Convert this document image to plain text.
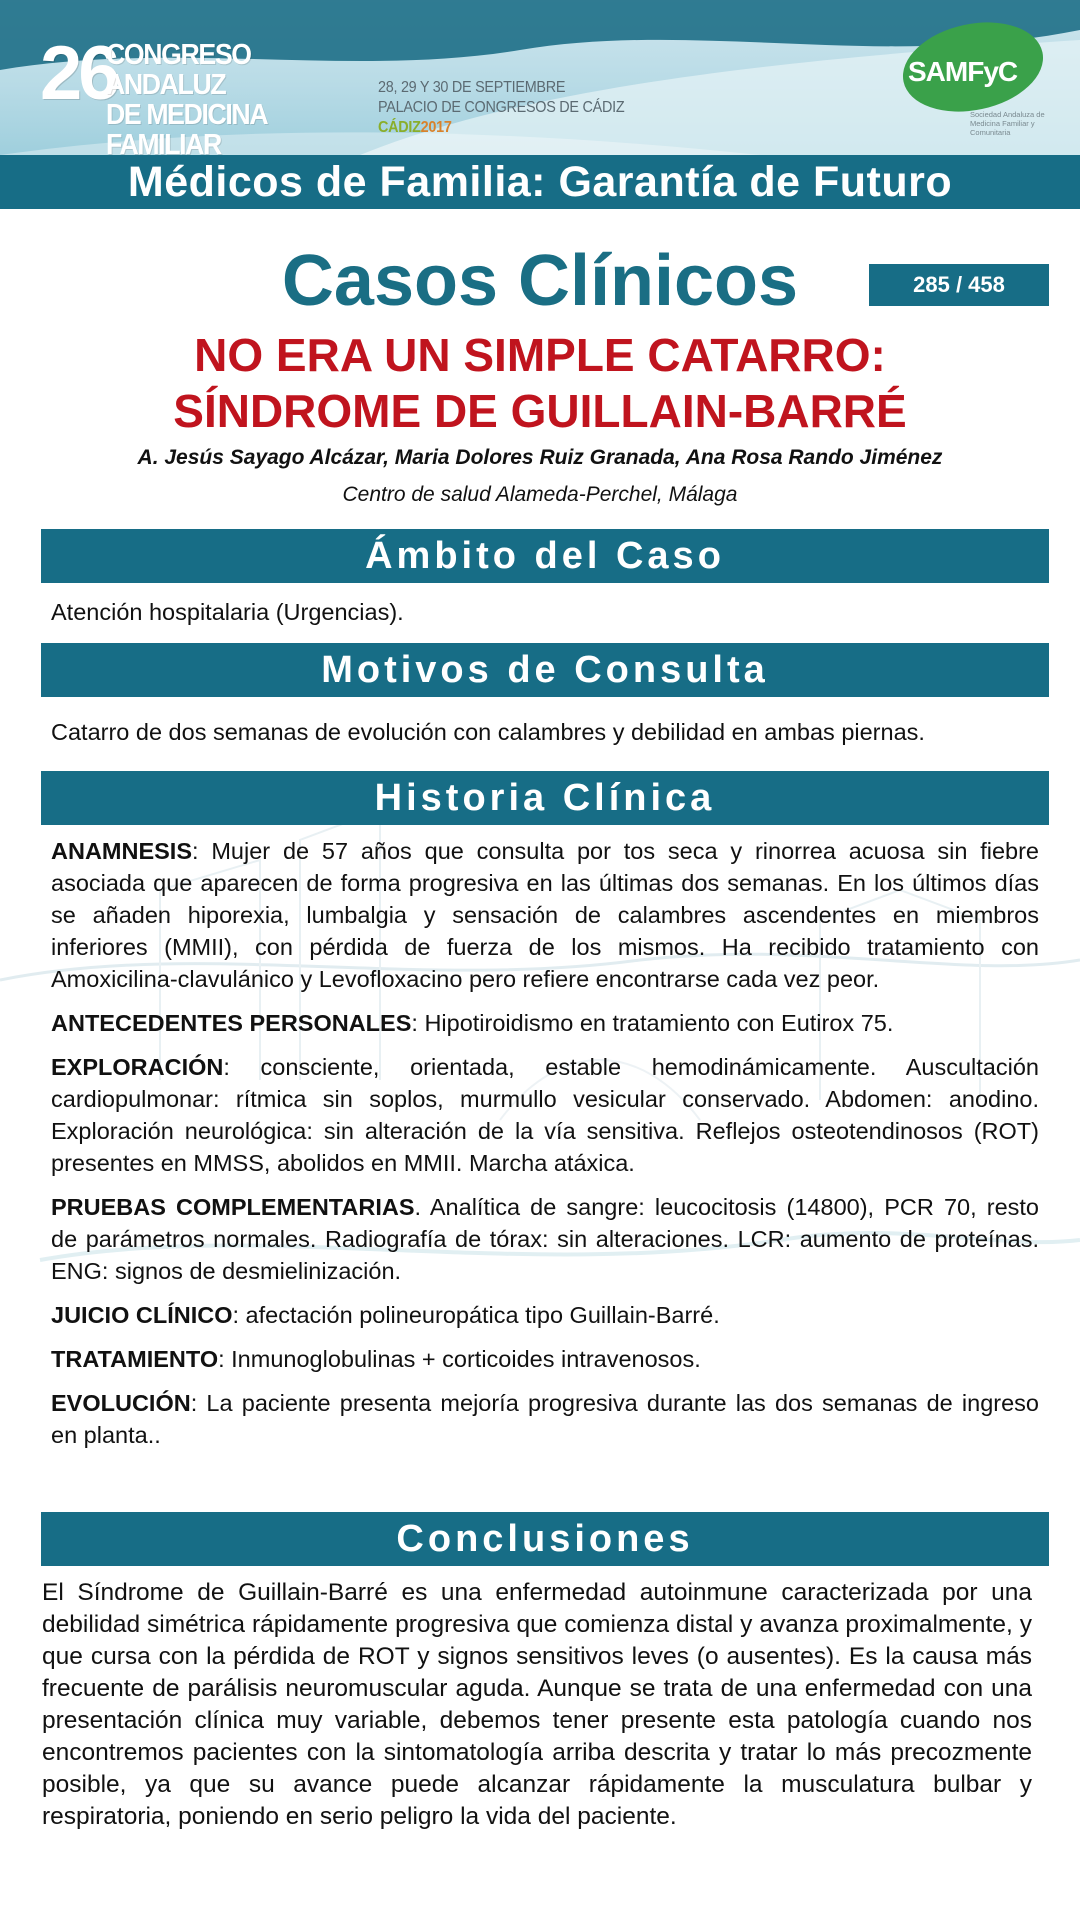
26
CONGRESO ANDALUZ
DE MEDICINA FAMILIAR
28, 29 Y 30 DE SEPTIEMBRE
PALACIO DE CONGRESOS DE CÁDIZ
CÁDIZ2017
SAMFyC
Sociedad Andaluza de Medicina Familiar y Comunitaria
Médicos de Familia: Garantía de Futuro
Casos Clínicos	285 / 458
NO ERA UN SIMPLE CATARRO:
SÍNDROME DE GUILLAIN-BARRÉ
A. Jesús Sayago Alcázar, Maria Dolores Ruiz Granada, Ana Rosa Rando Jiménez
Centro de salud Alameda-Perchel, Málaga
Ámbito del Caso
Atención hospitalaria (Urgencias).
Motivos de Consulta
Catarro de dos semanas de evolución con calambres y debilidad en ambas piernas.
Historia Clínica

ANAMNESIS: Mujer de 57 años que consulta por tos seca y rinorrea acuosa sin fiebre asociada que aparecen de forma progresiva en las últimas dos semanas. En los últimos días se añaden hiporexia, lumbalgia y sensación de calambres ascendentes en miembros inferiores (MMII), con pérdida de fuerza de los mismos. Ha recibido tratamiento con Amoxicilina-clavulánico y Levofloxacino pero refiere encontrarse cada vez peor.

ANTECEDENTES PERSONALES: Hipotiroidismo en tratamiento con Eutirox 75.

EXPLORACIÓN: consciente, orientada, estable hemodinámicamente. Auscultación cardiopulmonar: rítmica sin soplos, murmullo vesicular conservado. Abdomen: anodino. Exploración neurológica: sin alteración de la vía sensitiva. Reflejos osteotendinosos (ROT) presentes en MMSS, abolidos en MMII. Marcha atáxica.

PRUEBAS COMPLEMENTARIAS. Analítica de sangre: leucocitosis (14800), PCR 70, resto de parámetros normales. Radiografía de tórax: sin alteraciones. LCR: aumento de proteínas. ENG: signos de desmielinización.

JUICIO CLÍNICO: afectación polineuropática tipo Guillain-Barré.

TRATAMIENTO: Inmunoglobulinas + corticoides intravenosos.

EVOLUCIÓN: La paciente presenta mejoría progresiva durante las dos semanas de ingreso en planta..

Conclusiones
El Síndrome de Guillain-Barré es una enfermedad autoinmune caracterizada por una debilidad simétrica rápidamente progresiva que comienza distal y avanza proximalmente, y que cursa con la pérdida de ROT y signos sensitivos leves (o ausentes). Es la causa más frecuente de parálisis neuromuscular aguda. Aunque se trata de una enfermedad con una presentación clínica muy variable, debemos tener presente esta patología cuando nos encontremos pacientes con la sintomatología arriba descrita y tratar lo más precozmente posible, ya que su avance puede alcanzar rápidamente la musculatura bulbar y respiratoria, poniendo en serio peligro la vida del paciente.
